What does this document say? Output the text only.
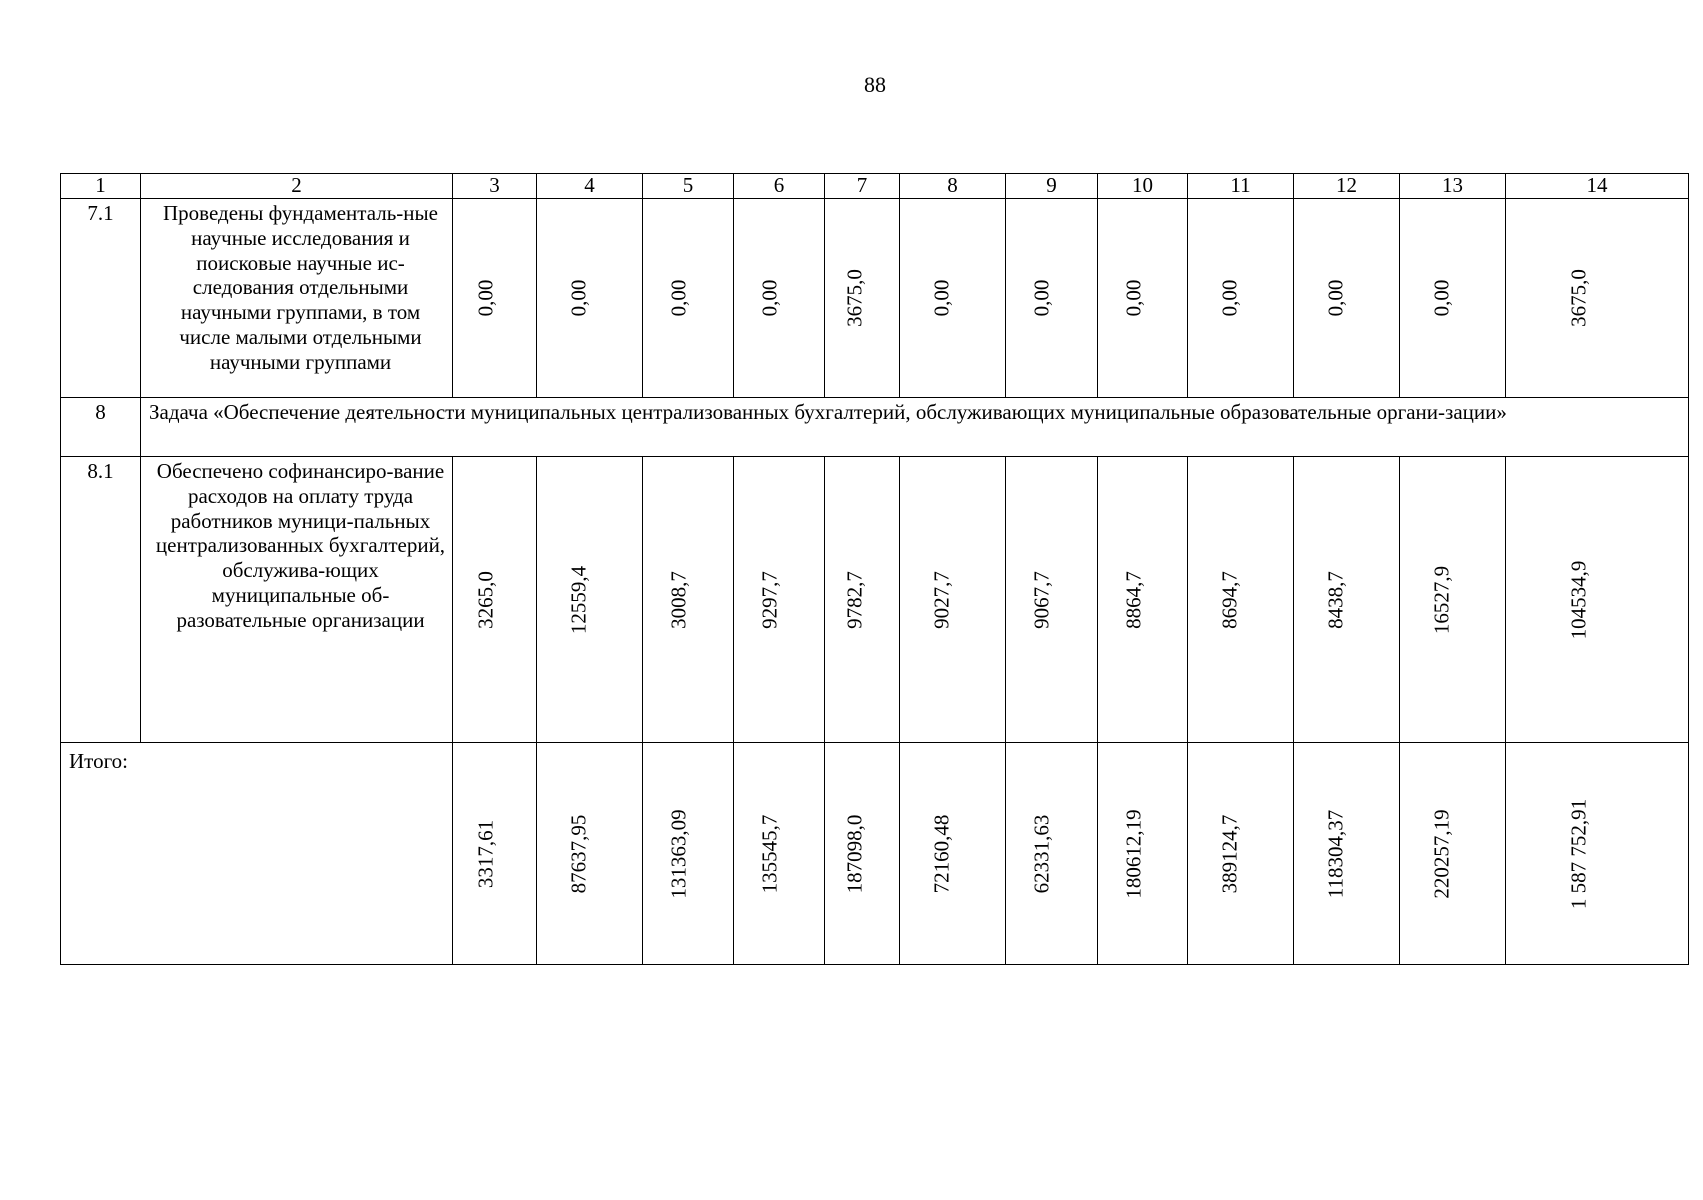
88
1	2	3	4	5	6	7	8	9	10	11	12	13	14
7.1	Проведены фундаменталь-ные научные исследования и поисковые научные ис-следования отдельными научными группами, в том числе малыми отдельными научными группами	0,00	0,00	0,00	0,00	3675,0	0,00	0,00	0,00	0,00	0,00	0,00	3675,0

8	Задача «Обеспечение деятельности муниципальных централизованных бухгалтерий, обслуживающих муниципальные образовательные органи-зации»												
8.1	Обеспечено софинансиро-вание расходов на оплату труда работников муници-пальных централизованных бухгалтерий, обслужива-ющих муниципальные об-разовательные организации	3265,0	12559,4	3008,7	9297,7	9782,7	9027,7	9067,7	8864,7	8694,7	8438,7	16527,9	104534,9

Итого:		3317,61	87637,95	131363,09	135545,7	187098,0	72160,48	62331,63	180612,19	389124,7	118304,37	220257,19	1 587 752,91
